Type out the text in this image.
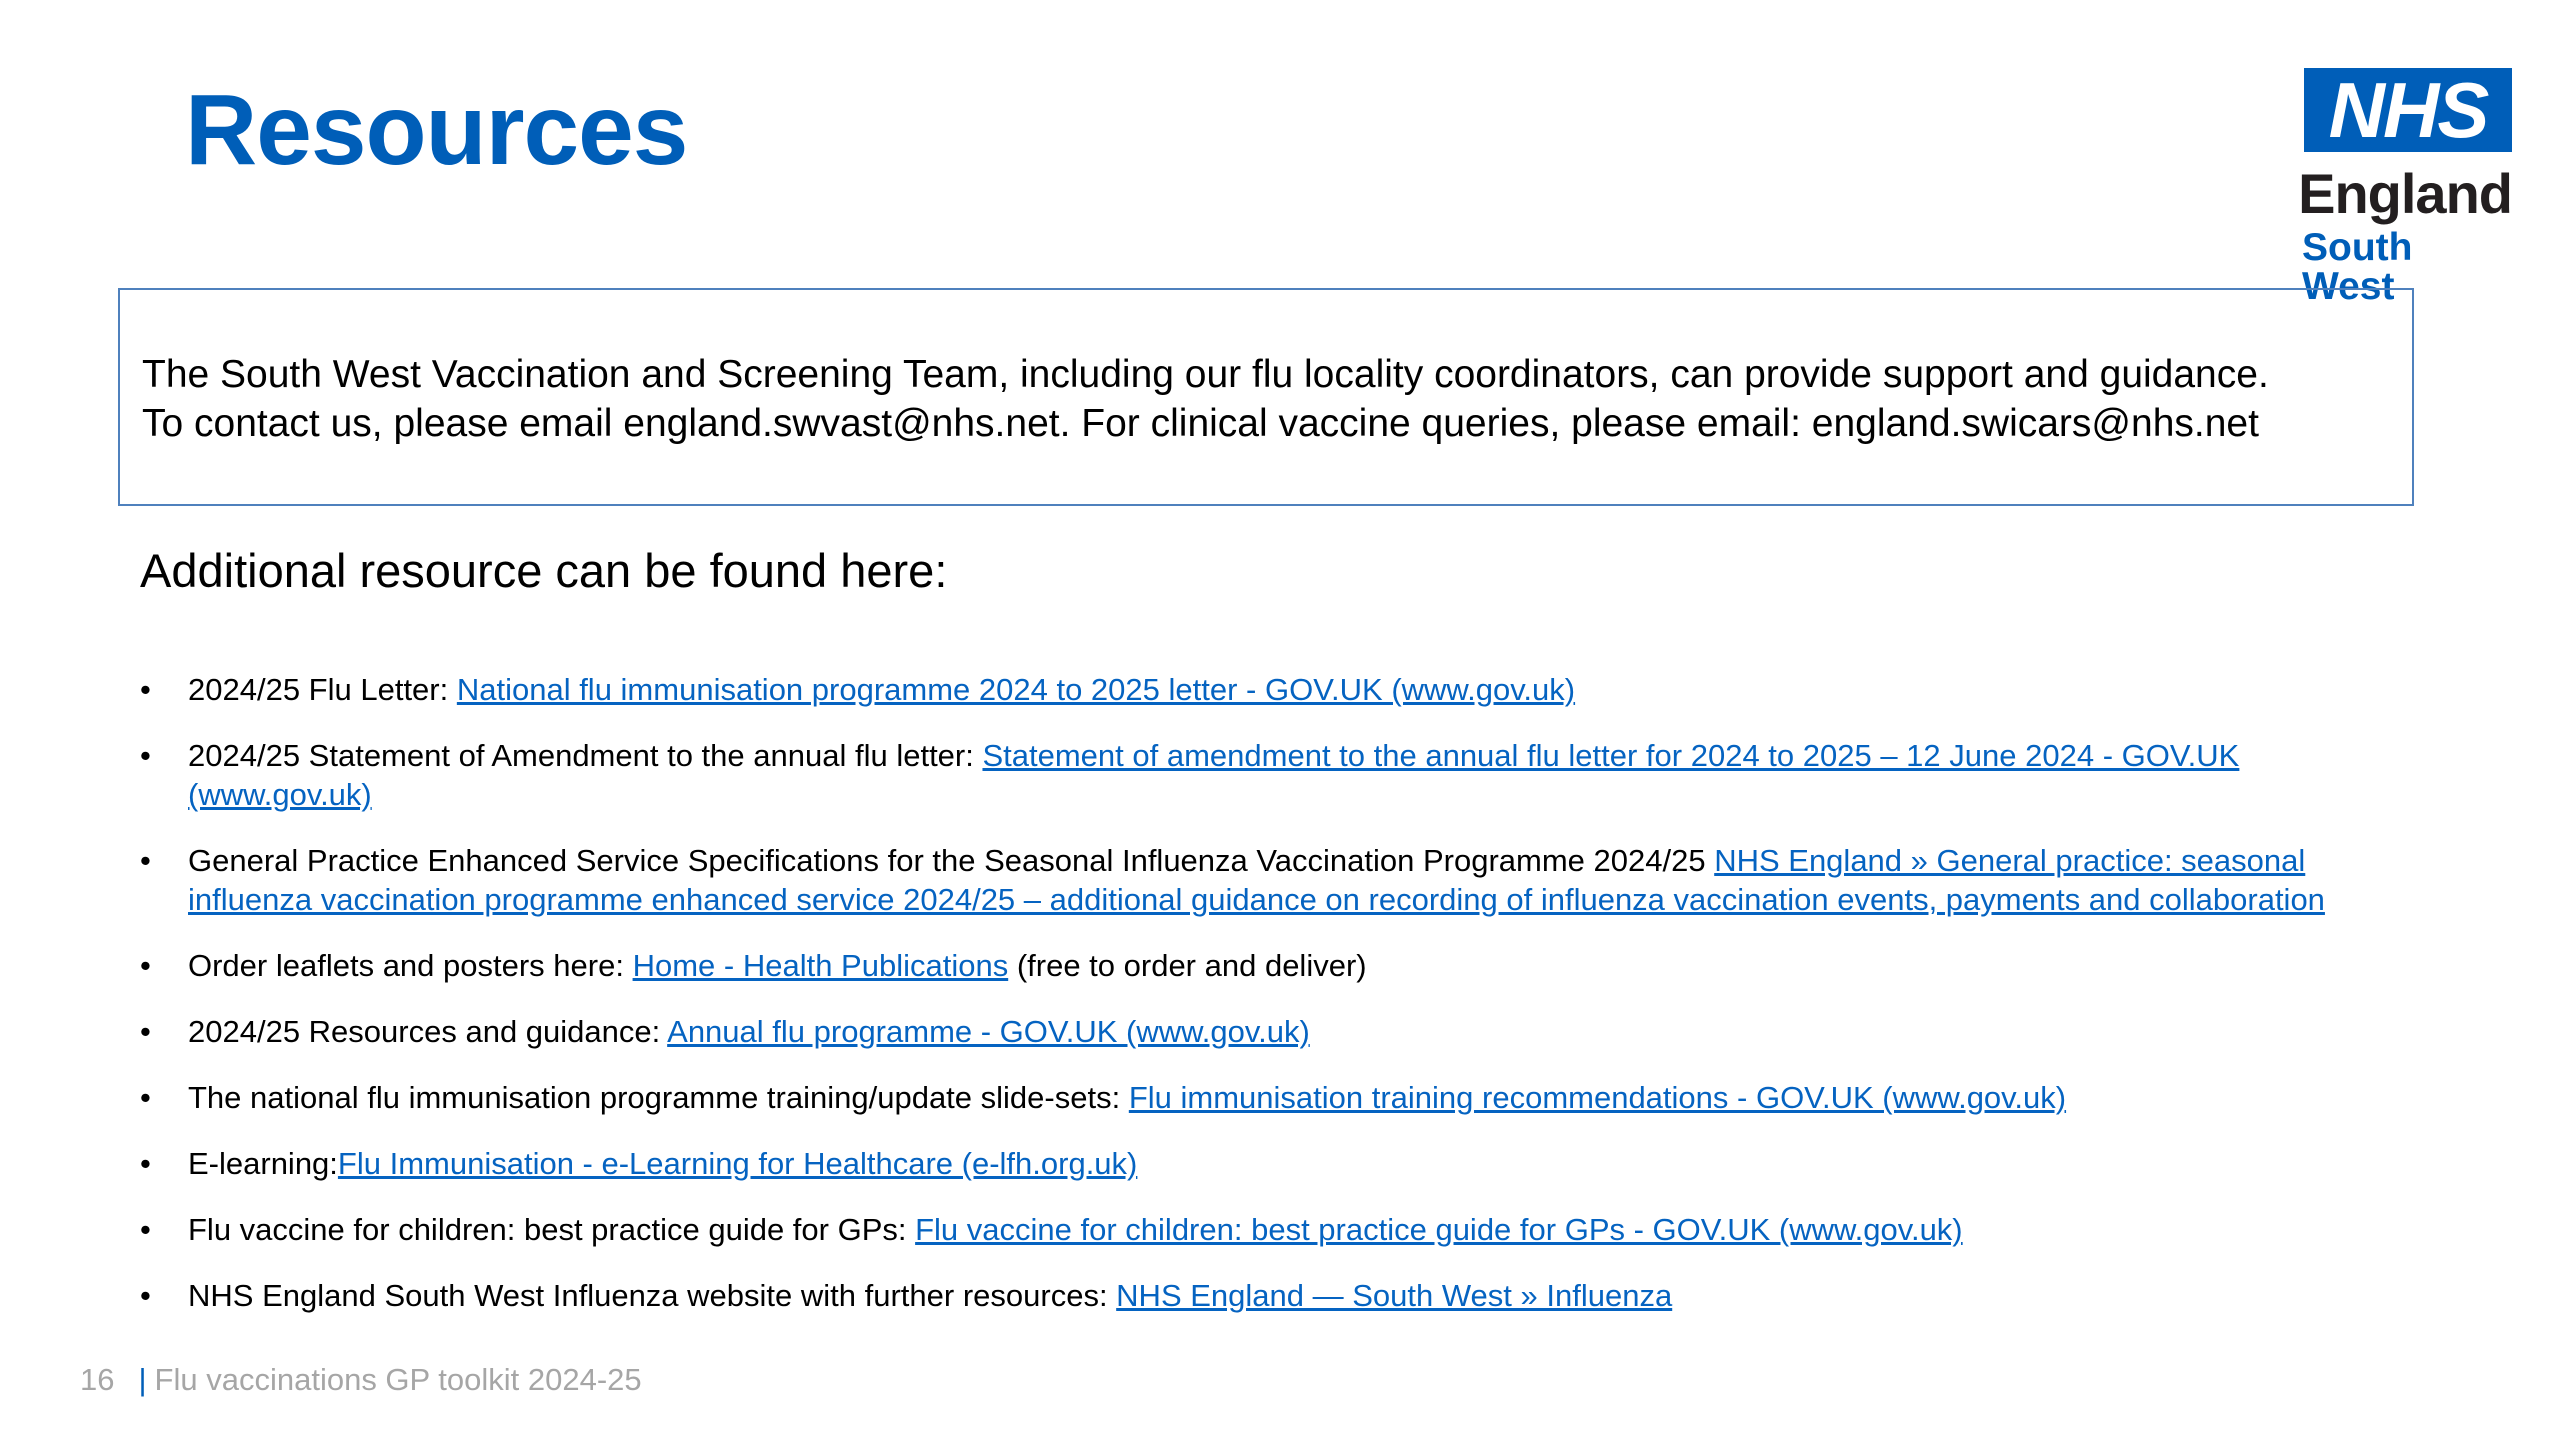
Resources	NHS
England
South West
The South West Vaccination and Screening Team, including our flu locality coordinators, can provide support and guidance.
To contact us, please email england.swvast@nhs.net. For clinical vaccine queries, please email: england.swicars@nhs.net
Additional resource can be found here:
• 2024/25 Flu Letter: National flu immunisation programme 2024 to 2025 letter - GOV.UK (www.gov.uk)
• 2024/25 Statement of Amendment to the annual flu letter: Statement of amendment to the annual flu letter for 2024 to 2025 – 12 June 2024 - GOV.UK (www.gov.uk)
• General Practice Enhanced Service Specifications for the Seasonal Influenza Vaccination Programme 2024/25 NHS England » General practice: seasonal influenza vaccination programme enhanced service 2024/25 – additional guidance on recording of influenza vaccination events, payments and collaboration
• Order leaflets and posters here: Home - Health Publications (free to order and deliver)
• 2024/25 Resources and guidance: Annual flu programme - GOV.UK (www.gov.uk)
• The national flu immunisation programme training/update slide-sets: Flu immunisation training recommendations - GOV.UK (www.gov.uk)
• E-learning:Flu Immunisation - e-Learning for Healthcare (e-lfh.org.uk)
• Flu vaccine for children: best practice guide for GPs: Flu vaccine for children: best practice guide for GPs - GOV.UK (www.gov.uk)
• NHS England South West Influenza website with further resources: NHS England — South West » Influenza
16 | Flu vaccinations GP toolkit 2024-25
